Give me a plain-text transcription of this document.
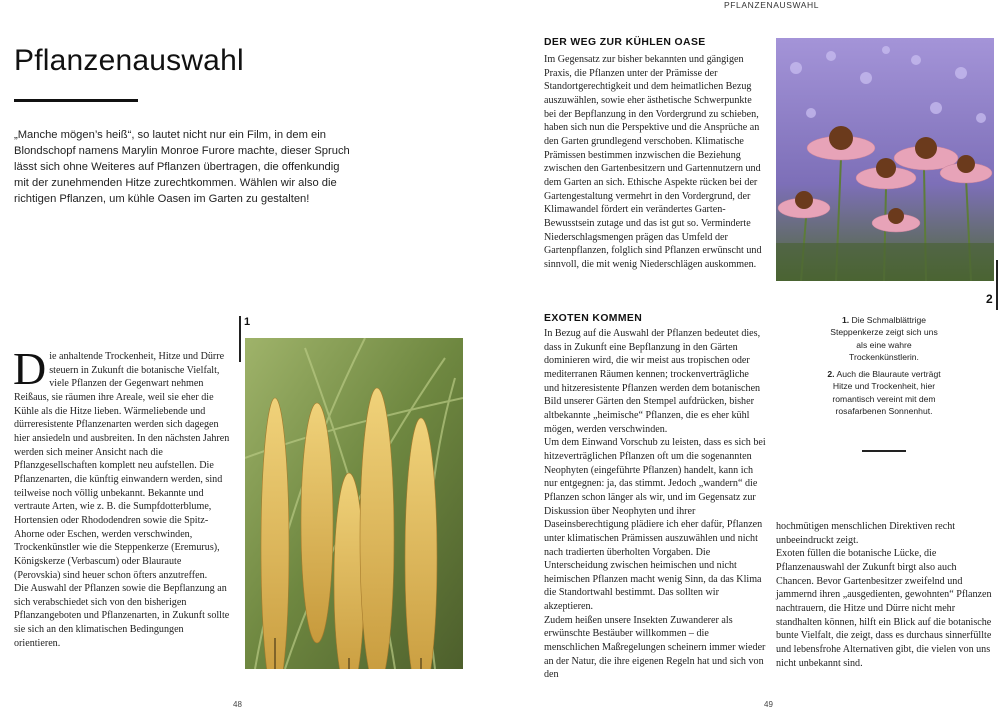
PFLANZENAUSWAHL
Pflanzenauswahl

„Manche mögen’s heiß“, so lautet nicht nur ein Film, in dem ein Blondschopf namens Marylin Monroe Furore machte, dieser Spruch lässt sich ohne Weiteres auf Pflanzen übertragen, die offenkundig mit der zunehmenden Hitze zurechtkommen. Wählen wir also die richtigen Pflanzen, um kühle Oasen im Garten zu gestalten!

D ie anhaltende Trockenheit, Hitze und Dürre steuern in Zukunft die botanische Vielfalt, viele Pflanzen der Gegenwart nehmen Reißaus, sie räumen ihre Areale, weil sie eher die Kühle als die Hitze lieben. Wärmeliebende und dürreresistente Pflanzenarten werden sich dagegen hier ansiedeln und ausbreiten. In den nächsten Jahren werden sich meiner Ansicht nach die Pflanzgesellschaften komplett neu aufstellen. Die Pflanzenarten, die künftig einwandern werden, sind teilweise noch völlig unbekannt. Bekannte und vertraute Arten, wie z. B. die Sumpfdotterblume, Hortensien oder Rhododendren sowie die Spitz-Ahorne oder Eschen, werden verschwinden, Trockenkünstler wie die Steppenkerze (Eremurus), Königskerze (Verbascum) oder Blauraute (Perovskia) sind heuer schon öfters anzutreffen.

Die Auswahl der Pflanzen sowie die Bepflanzung an sich verabschiedet sich von den bisherigen Pflanzangeboten und Pflanzenarten, in Zukunft sollte sie sich an den klimatischen Bedingungen orientieren.

1
DER WEG ZUR KÜHLEN OASE

Im Gegensatz zur bisher bekannten und gängigen Praxis, die Pflanzen unter der Prämisse der Standortgerechtigkeit und dem heimatlichen Bezug auszuwählen, sowie eher ästhetische Schwerpunkte bei der Bepflanzung in den Vordergrund zu schieben, haben sich nun die Perspektive und die Ansprüche an den Garten grundlegend verschoben. Klimatische Prämissen bestimmen inzwischen die Beziehung zwischen den Gartenbesitzern und Gartennutzern und dem Garten an sich. Ethische Aspekte rücken bei der Gartengestaltung vermehrt in den Vordergrund, der Klimawandel fördert ein verändertes Garten-Bewusstsein zutage und das ist gut so. Verminderte Niederschlagsmengen prägen das Umfeld der Gartenpflanzen, folglich sind Pflanzen erwünscht und sinnvoll, die mit wenig Niederschlägen auskommen.

EXOTEN KOMMEN

In Bezug auf die Auswahl der Pflanzen bedeutet dies, dass in Zukunft eine Bepflanzung in den Gärten dominieren wird, die wir meist aus tropischen oder mediterranen Räumen kennen; trockenverträgliche und hitzeresistente Pflanzen werden dem botanischen Bild unserer Gärten den Stempel aufdrücken, bisher altbekannte „heimische“ Pflanzen, die es eher kühl mögen, werden verschwinden.

Um dem Einwand Vorschub zu leisten, dass es sich bei hitzeverträglichen Pflanzen oft um die sogenannten Neophyten (eingeführte Pflanzen) handelt, kann ich nur entgegnen: ja, das stimmt. Jedoch „wandern“ die Pflanzen schon länger als wir, und im Gegensatz zur Diskussion über Neophyten und ihrer Daseinsberechtigung plädiere ich eher dafür, Pflanzen unter klimatischen Prämissen auszuwählen und nicht nach tradierten überholten Vorgaben. Die Unterscheidung zwischen heimischen und nicht heimischen Pflanzen macht wenig Sinn, da das Klima die Standortwahl bestimmt. Das sollten wir akzeptieren.

Zudem heißen unsere Insekten Zuwanderer als erwünschte Bestäuber willkommen – die menschlichen Maßregelungen scheinern immer wieder an der Natur, die ihre eigenen Regeln hat und sich von den

2

1. Die Schmalblättrige Steppenkerze zeigt sich uns als eine wahre Trockenkünstlerin.

2. Auch die Blauraute verträgt Hitze und Trockenheit, hier romantisch vereint mit dem rosafarbenen Sonnenhut.

hochmütigen menschlichen Direktiven recht unbeeindruckt zeigt.

Exoten füllen die botanische Lücke, die Pflanzenauswahl der Zukunft birgt also auch Chancen. Bevor Gartenbesitzer zweifelnd und jammernd ihren „ausgedienten, gewohnten“ Pflanzen nachtrauern, die Hitze und Dürre nicht mehr standhalten können, hilft ein Blick auf die botanische bunte Vielfalt, die zeigt, dass es durchaus sinnerfüllte und lebensfrohe Alternativen gibt, die vielen von uns nicht unbekannt sind.

48	49
